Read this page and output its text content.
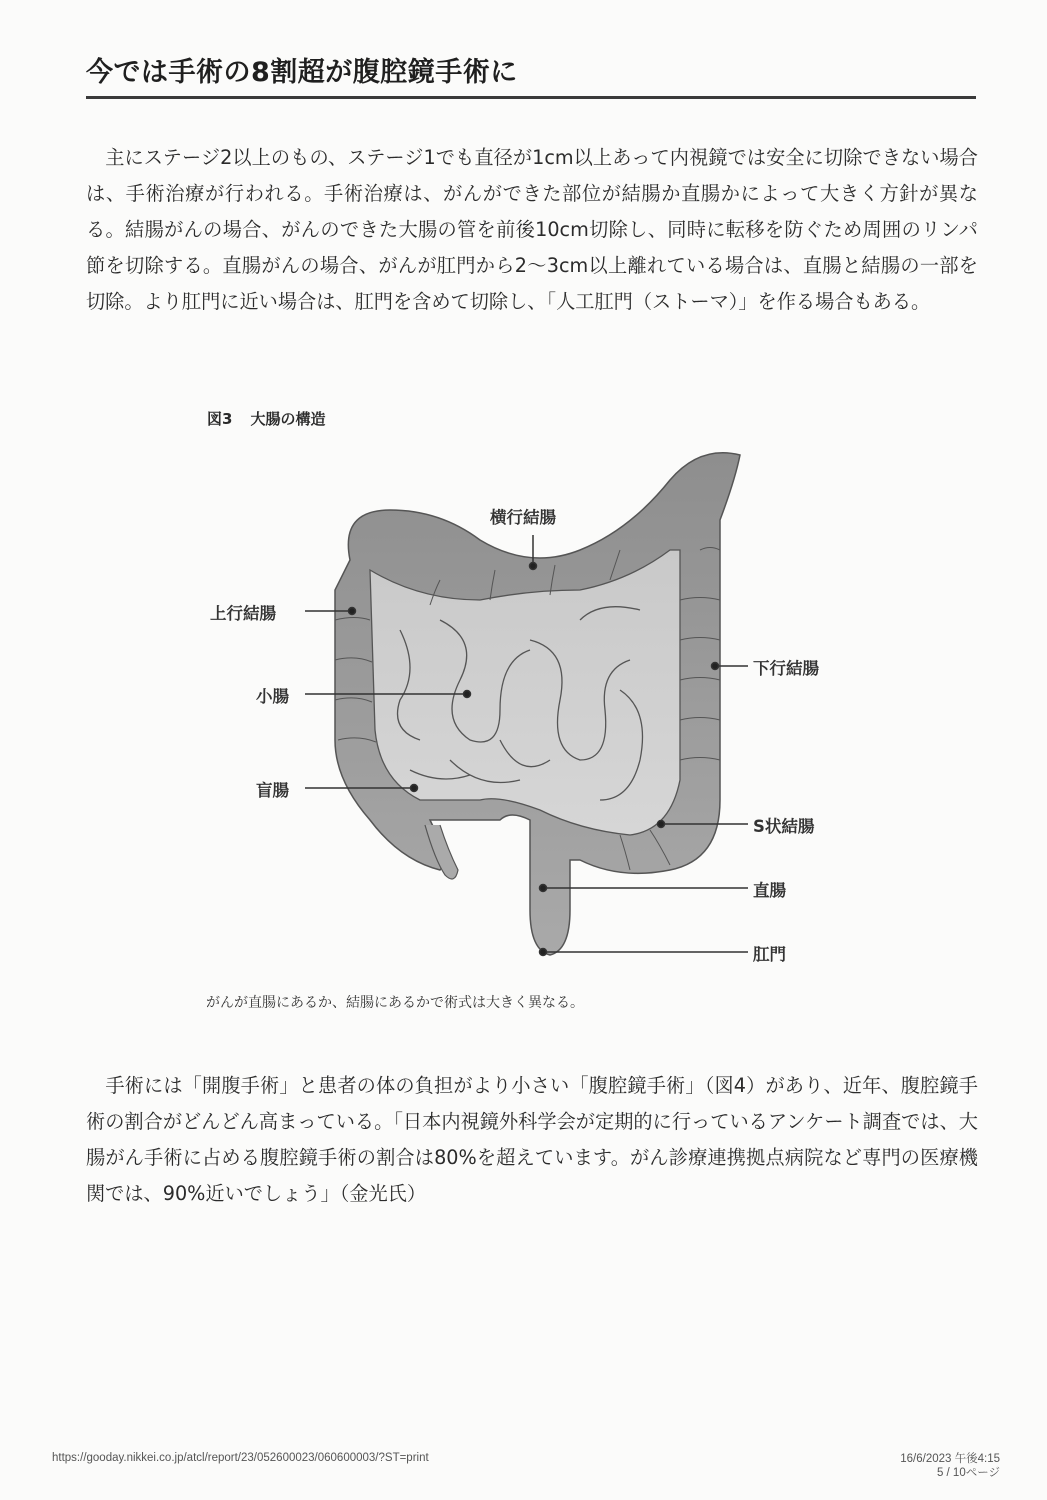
今では手術の8割超が腹腔鏡手術に

　主にステージ2以上のもの、ステージ1でも直径が1cm以上あって内視鏡では安全に切除できない場合は、手術治療が行われる。手術治療は、がんができた部位が結腸か直腸かによって大きく方針が異なる。結腸がんの場合、がんのできた大腸の管を前後10cm切除し、同時に転移を防ぐため周囲のリンパ節を切除する。直腸がんの場合、がんが肛門から2〜3cm以上離れている場合は、直腸と結腸の一部を切除。より肛門に近い場合は、肛門を含めて切除し、「人工肛門（ストーマ）」を作る場合もある。

図3 大腸の構造
横行結腸
上行結腸
小腸
盲腸
下行結腸
S状結腸
直腸
肛門
がんが直腸にあるか、結腸にあるかで術式は大きく異なる。

　手術には「開腹手術」と患者の体の負担がより小さい「腹腔鏡手術」（図4）があり、近年、腹腔鏡手術の割合がどんどん高まっている。「日本内視鏡外科学会が定期的に行っているアンケート調査では、大腸がん手術に占める腹腔鏡手術の割合は80%を超えています。がん診療連携拠点病院など専門の医療機関では、90%近いでしょう」（金光氏）

https://gooday.nikkei.co.jp/atcl/report/23/052600023/060600003/?ST=print	16/6/2023 午後4:15
5 / 10ページ
